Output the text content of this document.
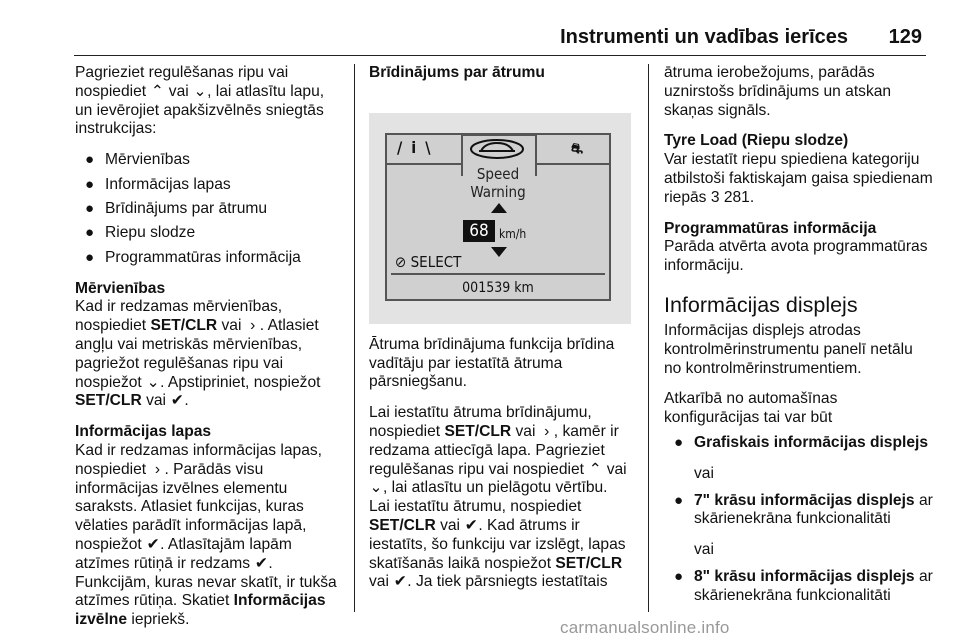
Instrumenti un vadības ierīces 129

Pagrieziet regulēšanas ripu vai nospiediet ⌃ vai ⌄, lai atlasītu lapu, un ievērojiet apakšizvēlnēs sniegtās instrukcijas:

● Mērvienības
● Informācijas lapas
● Brīdinājums par ātrumu
● Riepu slodze
● Programmatūras informācija

Mērvienības
Kad ir redzamas mērvienības, nospiediet SET/CLR vai › . Atlasiet angļu vai metriskās mērvienības, pagriežot regulēšanas ripu vai nospiežot ⌄. Apstipriniet, nospiežot SET/CLR vai ✔.

Informācijas lapas
Kad ir redzamas informācijas lapas, nospiediet › . Parādās visu informācijas izvēlnes elementu saraksts. Atlasiet funkcijas, kuras vēlaties parādīt informācijas lapā, nospiežot ✔. Atlasītajām lapām atzīmes rūtiņā ir redzams ✔. Funkcijām, kuras nevar skatīt, ir tukša atzīmes rūtiņa. Skatiet Informācijas izvēlne iepriekš.

Brīdinājums par ātrumu
/ i \	⛐
Speed
Warning
68 km/h
⊘ SELECT
001539 km

Ātruma brīdinājuma funkcija brīdina vadītāju par iestatītā ātruma pārsniegšanu.

Lai iestatītu ātruma brīdinājumu, nospiediet SET/CLR vai › , kamēr ir redzama attiecīgā lapa. Pagrieziet regulēšanas ripu vai nospiediet ⌃ vai ⌄, lai atlasītu un pielāgotu vērtību. Lai iestatītu ātrumu, nospiediet SET/CLR vai ✔. Kad ātrums ir iestatīts, šo funkciju var izslēgt, lapas skatīšanās laikā nospiežot SET/CLR vai ✔. Ja tiek pārsniegts iestatītais

ātruma ierobežojums, parādās uznirstošs brīdinājums un atskan skaņas signāls.

Tyre Load (Riepu slodze)
Var iestatīt riepu spiediena kategoriju atbilstoši faktiskajam gaisa spiedienam riepās 3 281.

Programmatūras informācija
Parāda atvērta avota programmatūras informāciju.

Informācijas displejs

Informācijas displejs atrodas kontrolmērinstrumentu panelī netālu no kontrolmērinstrumentiem.

Atkarībā no automašīnas konfigurācijas tai var būt

● Grafiskais informācijas displejs
vai
● 7" krāsu informācijas displejs ar skārienekrāna funkcionalitāti
vai
● 8" krāsu informācijas displejs ar skārienekrāna funkcionalitāti
carmanualsonline.info
